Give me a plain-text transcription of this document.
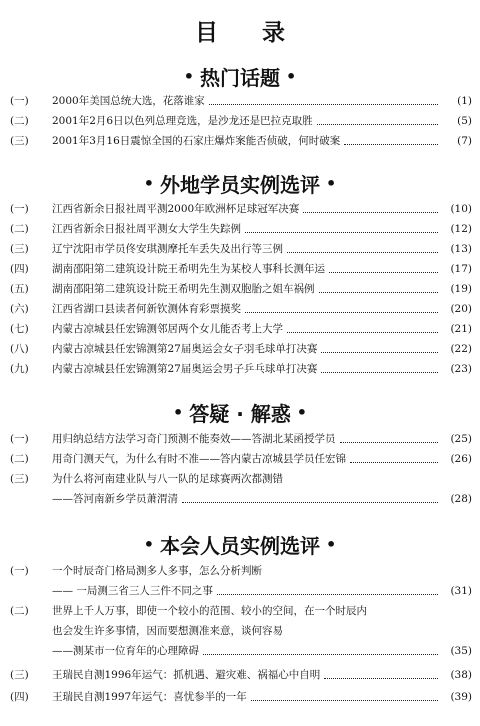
目 录
• 热门话题 •
(一)	2000年美国总统大选，花落谁家	(1)
(二)	2001年2月6日以色列总理竞选，是沙龙还是巴拉克取胜	(5)
(三)	2001年3月16日震惊全国的石家庄爆炸案能否侦破，何时破案	(7)
• 外地学员实例选评 •
(一)	江西省新余日报社周平测2000年欧洲杯足球冠军决赛	(10)
(二)	江西省新余日报社周平测女大学生失踪例	(12)
(三)	辽宁沈阳市学员佟安琪测摩托车丢失及出行等三例	(13)
(四)	湖南邵阳第二建筑设计院王希明先生为某校人事科长测年运	(17)
(五)	湖南邵阳第二建筑设计院王希明先生测双胞胎之姐车祸例	(19)
(六)	江西省湖口县读者何新钦测体育彩票摸奖	(20)
(七)	内蒙古凉城县任宏锦测邻居两个女儿能否考上大学	(21)
(八)	内蒙古凉城县任宏锦测第27届奥运会女子羽毛球单打决赛	(22)
(九)	内蒙古凉城县任宏锦测第27届奥运会男子乒乓球单打决赛	(23)
• 答疑 · 解惑 •
(一)	用归纳总结方法学习奇门预测不能奏效——答湖北某函授学员	(25)
(二)	用奇门测天气，为什么有时不准——答内蒙古凉城县学员任宏锦	(26)
(三)	为什么将河南建业队与八一队的足球赛两次都测错
——答河南新乡学员萧渭清	(28)
• 本会人员实例选评 •
(一)	一个时辰奇门格局测多人多事，怎么分析判断
—— 一局测三省三人三件不同之事	(31)
(二)	世界上千人万事，即使一个较小的范围、较小的空间，在一个时辰内
也会发生许多事情，因而要想测准来意，谈何容易
——测某市一位育年的心理障碍	(35)
(三)	王瑞民自测1996年运气：抓机遇、避灾难、祸福心中自明	(38)
(四)	王瑞民自测1997年运气：喜忧参半的一年	(39)
